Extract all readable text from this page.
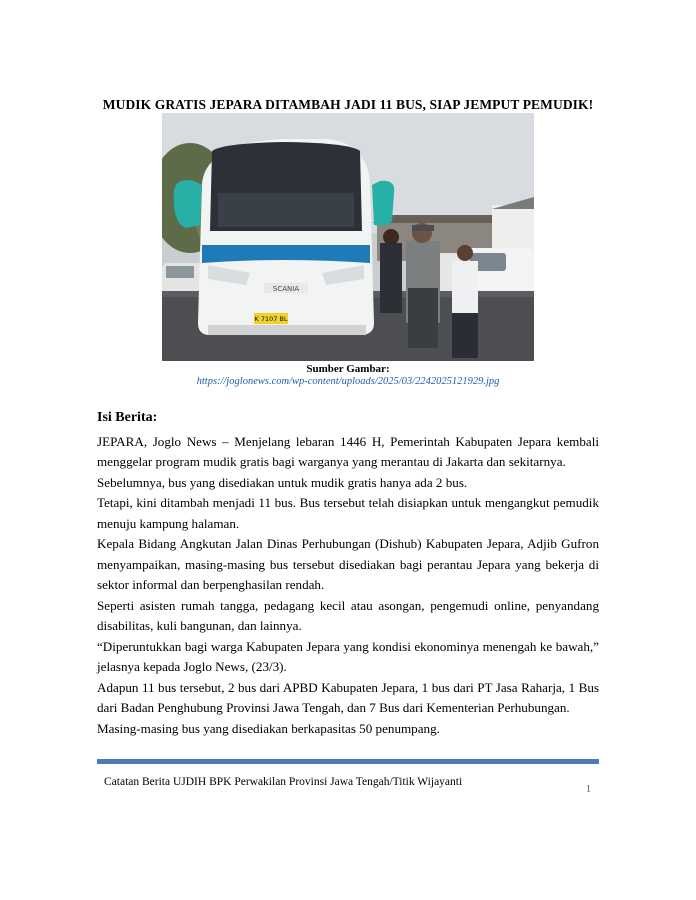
MUDIK GRATIS JEPARA DITAMBAH JADI 11 BUS, SIAP JEMPUT PEMUDIK!
SCANIA
K 7107 BL
Sumber Gambar:
https://joglonews.com/wp-content/uploads/2025/03/2242025121929.jpg
Isi Berita:

JEPARA, Joglo News – Menjelang lebaran 1446 H, Pemerintah Kabupaten Jepara kembali menggelar program mudik gratis bagi warganya yang merantau di Jakarta dan sekitarnya.

Sebelumnya, bus yang disediakan untuk mudik gratis hanya ada 2 bus.

Tetapi, kini ditambah menjadi 11 bus. Bus tersebut telah disiapkan untuk mengangkut pemudik menuju kampung halaman.

Kepala Bidang Angkutan Jalan Dinas Perhubungan (Dishub) Kabupaten Jepara, Adjib Gufron menyampaikan, masing-masing bus tersebut disediakan bagi perantau Jepara yang bekerja di sektor informal dan berpenghasilan rendah.

Seperti asisten rumah tangga, pedagang kecil atau asongan, pengemudi online, penyandang disabilitas, kuli bangunan, dan lainnya.

“Diperuntukkan bagi warga Kabupaten Jepara yang kondisi ekonominya menengah ke bawah,” jelasnya kepada Joglo News, (23/3).

Adapun 11 bus tersebut, 2 bus dari APBD Kabupaten Jepara, 1 bus dari PT Jasa Raharja, 1 Bus dari Badan Penghubung Provinsi Jawa Tengah, dan 7 Bus dari Kementerian Perhubungan.

Masing-masing bus yang disediakan berkapasitas 50 penumpang.

Catatan Berita UJDIH BPK Perwakilan Provinsi Jawa Tengah/Titik Wijayanti
1
